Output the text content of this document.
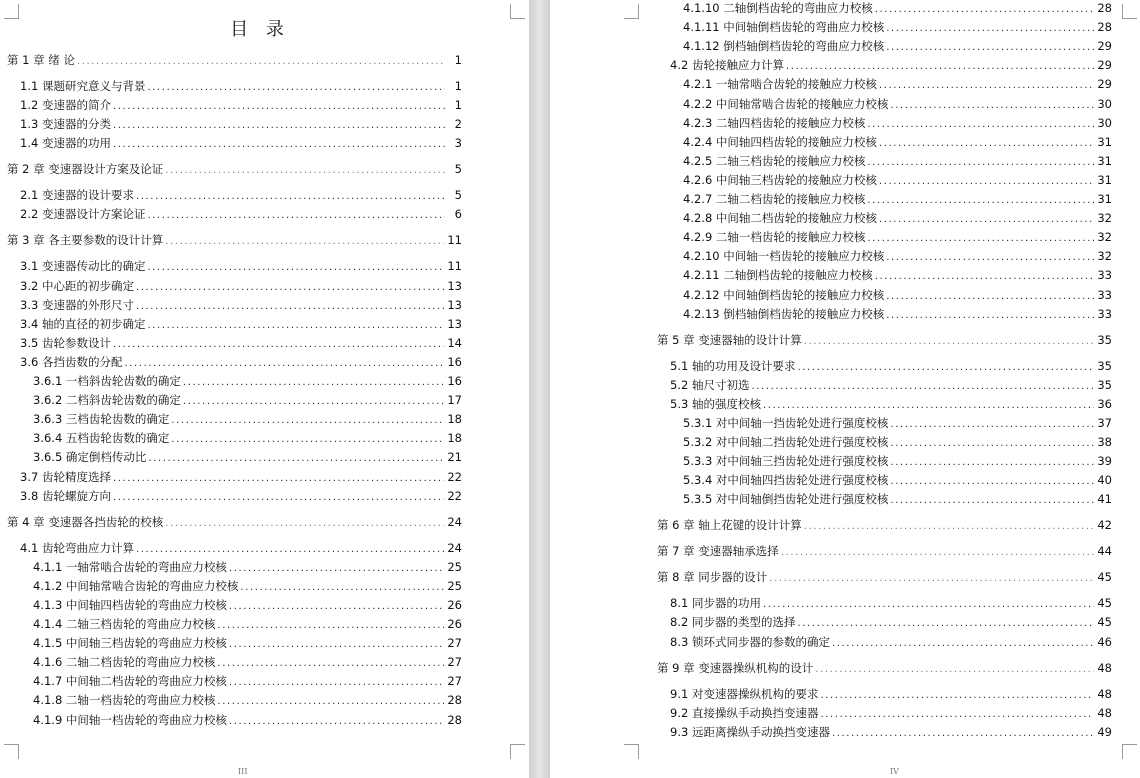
目 录
第 1 章 绪 论 .....	1
1.1 课题研究意义与背景 .....	1
1.2 变速器的简介 .....	1
1.3 变速器的分类 .....	2
1.4 变速器的功用 .....	3
第 2 章 变速器设计方案及论证 .....	5
2.1 变速器的设计要求 .....	5
2.2 变速器设计方案论证 .....	6
第 3 章 各主要参数的设计计算 .....	11
3.1 变速器传动比的确定 .....	11
3.2 中心距的初步确定 .....	13
3.3 变速器的外形尺寸 .....	13
3.4 轴的直径的初步确定 .....	13
3.5 齿轮参数设计 .....	14
3.6 各挡齿数的分配 .....	16
3.6.1 一档斜齿轮齿数的确定 .....	16
3.6.2 二档斜齿轮齿数的确定 .....	17
3.6.3 三档齿轮齿数的确定 .....	18
3.6.4 五档齿轮齿数的确定 .....	18
3.6.5 确定倒档传动比 .....	21
3.7 齿轮精度选择 .....	22
3.8 齿轮螺旋方向 .....	22
第 4 章 变速器各挡齿轮的校核 .....	24
4.1 齿轮弯曲应力计算 .....	24
4.1.1 一轴常啮合齿轮的弯曲应力校核 .....	25
4.1.2 中间轴常啮合齿轮的弯曲应力校核 .....	25
4.1.3 中间轴四档齿轮的弯曲应力校核 .....	26
4.1.4 二轴三档齿轮的弯曲应力校核 .....	26
4.1.5 中间轴三档齿轮的弯曲应力校核 .....	27
4.1.6 二轴二档齿轮的弯曲应力校核 .....	27
4.1.7 中间轴二档齿轮的弯曲应力校核 .....	27
4.1.8 二轴一档齿轮的弯曲应力校核 .....	28
4.1.9 中间轴一档齿轮的弯曲应力校核 .....	28
III
4.1.10 二轴倒档齿轮的弯曲应力校核 .....	28
4.1.11 中间轴倒档齿轮的弯曲应力校核 .....	28
4.1.12 倒档轴倒档齿轮的弯曲应力校核 .....	29
4.2 齿轮接触应力计算 .....	29
4.2.1 一轴常啮合齿轮的接触应力校核 .....	29
4.2.2 中间轴常啮合齿轮的接触应力校核 .....	30
4.2.3 二轴四档齿轮的接触应力校核 .....	30
4.2.4 中间轴四档齿轮的接触应力校核 .....	31
4.2.5 二轴三档齿轮的接触应力校核 .....	31
4.2.6 中间轴三档齿轮的接触应力校核 .....	31
4.2.7 二轴二档齿轮的接触应力校核 .....	31
4.2.8 中间轴二档齿轮的接触应力校核 .....	32
4.2.9 二轴一档齿轮的接触应力校核 .....	32
4.2.10 中间轴一档齿轮的接触应力校核 .....	32
4.2.11 二轴倒档齿轮的接触应力校核 .....	33
4.2.12 中间轴倒档齿轮的接触应力校核 .....	33
4.2.13 倒档轴倒档齿轮的接触应力校核 .....	33
第 5 章 变速器轴的设计计算 .....	35
5.1 轴的功用及设计要求 .....	35
5.2 轴尺寸初选 .....	35
5.3 轴的强度校核 .....	36
5.3.1 对中间轴一挡齿轮处进行强度校核 .....	37
5.3.2 对中间轴二挡齿轮处进行强度校核 .....	38
5.3.3 对中间轴三挡齿轮处进行强度校核 .....	39
5.3.4 对中间轴四挡齿轮处进行强度校核 .....	40
5.3.5 对中间轴倒挡齿轮处进行强度校核 .....	41
第 6 章 轴上花键的设计计算 .....	42
第 7 章 变速器轴承选择 .....	44
第 8 章 同步器的设计 .....	45
8.1 同步器的功用 .....	45
8.2 同步器的类型的选择 .....	45
8.3 锁环式同步器的参数的确定 .....	46
第 9 章 变速器操纵机构的设计 .....	48
9.1 对变速器操纵机构的要求 .....	48
9.2 直接操纵手动换挡变速器 .....	48
9.3 远距离操纵手动换挡变速器 .....	49
IV
